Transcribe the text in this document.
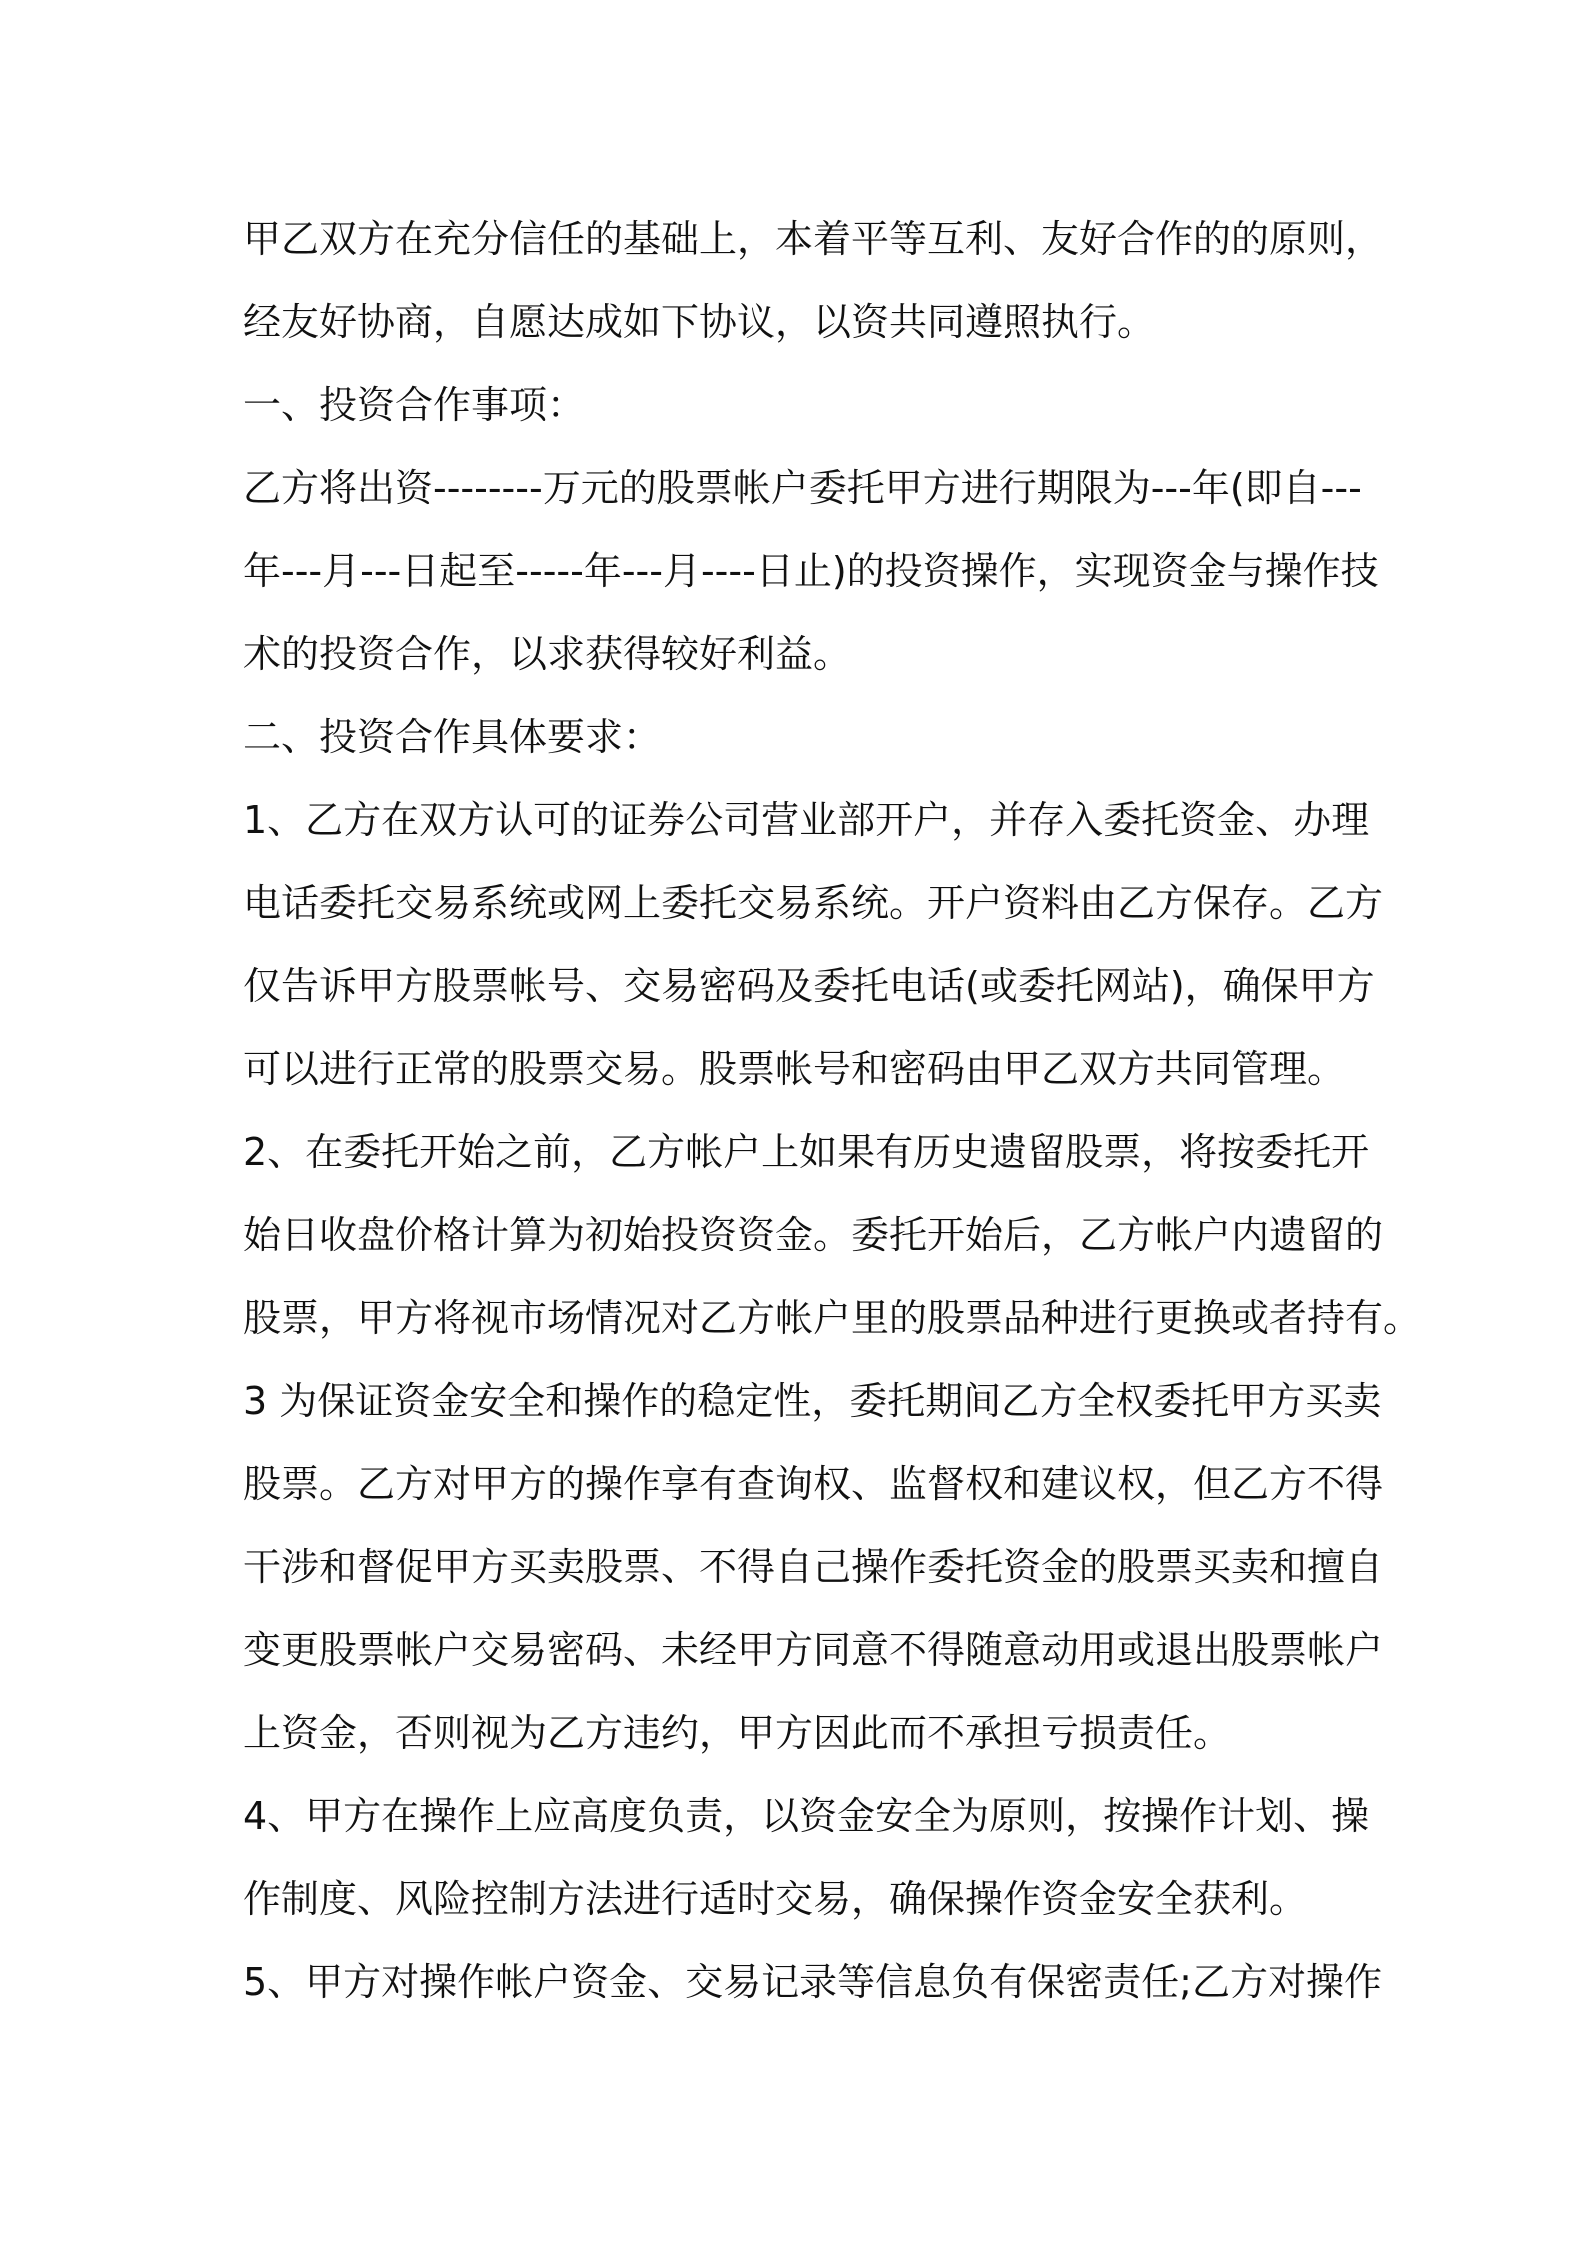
甲乙双方在充分信任的基础上，本着平等互利、友好合作的的原则，
经友好协商，自愿达成如下协议，以资共同遵照执行。
一、投资合作事项：
乙方将出资--------万元的股票帐户委托甲方进行期限为---年(即自---
年---月---日起至-----年---月----日止)的投资操作，实现资金与操作技
术的投资合作，以求获得较好利益。
二、投资合作具体要求：
1、乙方在双方认可的证券公司营业部开户，并存入委托资金、办理
电话委托交易系统或网上委托交易系统。开户资料由乙方保存。乙方
仅告诉甲方股票帐号、交易密码及委托电话(或委托网站)，确保甲方
可以进行正常的股票交易。股票帐号和密码由甲乙双方共同管理。
2、在委托开始之前，乙方帐户上如果有历史遗留股票，将按委托开
始日收盘价格计算为初始投资资金。委托开始后，乙方帐户内遗留的
股票，甲方将视市场情况对乙方帐户里的股票品种进行更换或者持有。
3 为保证资金安全和操作的稳定性，委托期间乙方全权委托甲方买卖
股票。乙方对甲方的操作享有查询权、监督权和建议权，但乙方不得
干涉和督促甲方买卖股票、不得自己操作委托资金的股票买卖和擅自
变更股票帐户交易密码、未经甲方同意不得随意动用或退出股票帐户
上资金，否则视为乙方违约，甲方因此而不承担亏损责任。
4、甲方在操作上应高度负责，以资金安全为原则，按操作计划、操
作制度、风险控制方法进行适时交易，确保操作资金安全获利。
5、甲方对操作帐户资金、交易记录等信息负有保密责任;乙方对操作
